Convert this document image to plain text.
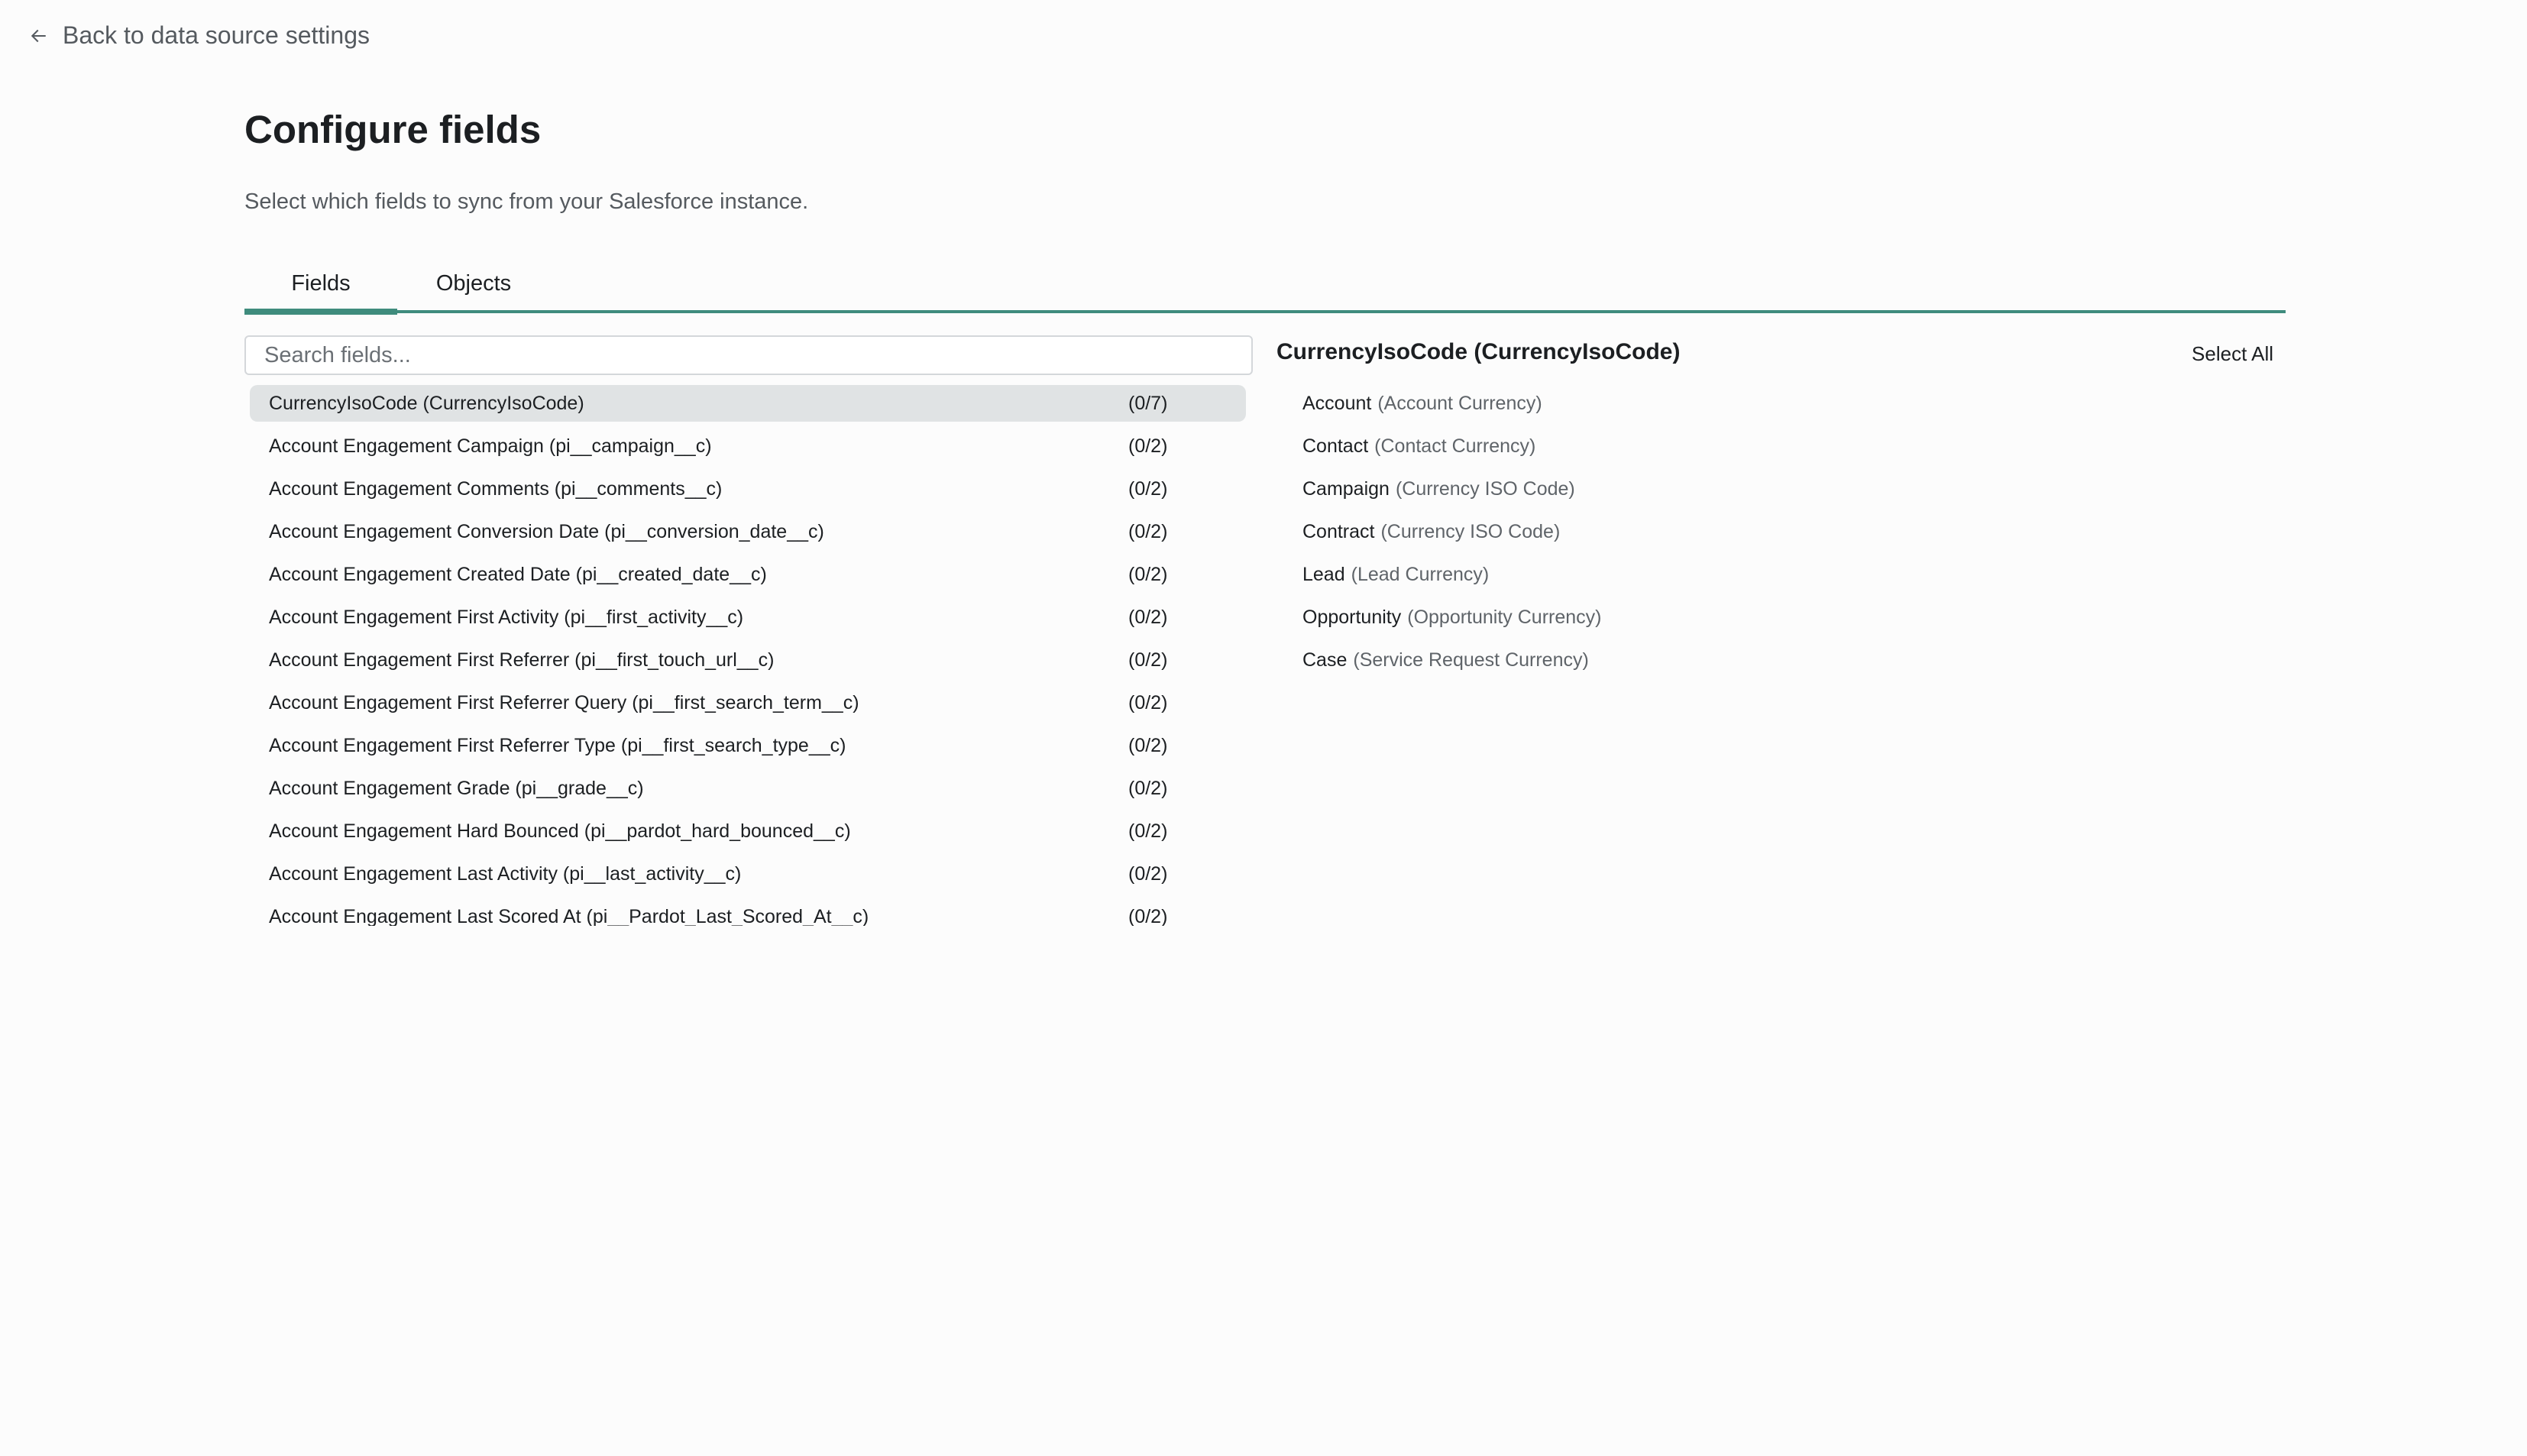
Back to data source settings
Configure fields
Select which fields to sync from your Salesforce instance.
Fields	Objects
Search fields...
CurrencyIsoCode (CurrencyIsoCode)	(0/7)
Account Engagement Campaign (pi__campaign__c)	(0/2)
Account Engagement Comments (pi__comments__c)	(0/2)
Account Engagement Conversion Date (pi__conversion_date__c)	(0/2)
Account Engagement Created Date (pi__created_date__c)	(0/2)
Account Engagement First Activity (pi__first_activity__c)	(0/2)
Account Engagement First Referrer (pi__first_touch_url__c)	(0/2)
Account Engagement First Referrer Query (pi__first_search_term__c)	(0/2)
Account Engagement First Referrer Type (pi__first_search_type__c)	(0/2)
Account Engagement Grade (pi__grade__c)	(0/2)
Account Engagement Hard Bounced (pi__pardot_hard_bounced__c)	(0/2)
Account Engagement Last Activity (pi__last_activity__c)	(0/2)
Account Engagement Last Scored At (pi__Pardot_Last_Scored_At__c)	(0/2)
CurrencyIsoCode (CurrencyIsoCode)	Select All
Account (Account Currency)
Contact (Contact Currency)
Campaign (Currency ISO Code)
Contract (Currency ISO Code)
Lead (Lead Currency)
Opportunity (Opportunity Currency)
Case (Service Request Currency)
